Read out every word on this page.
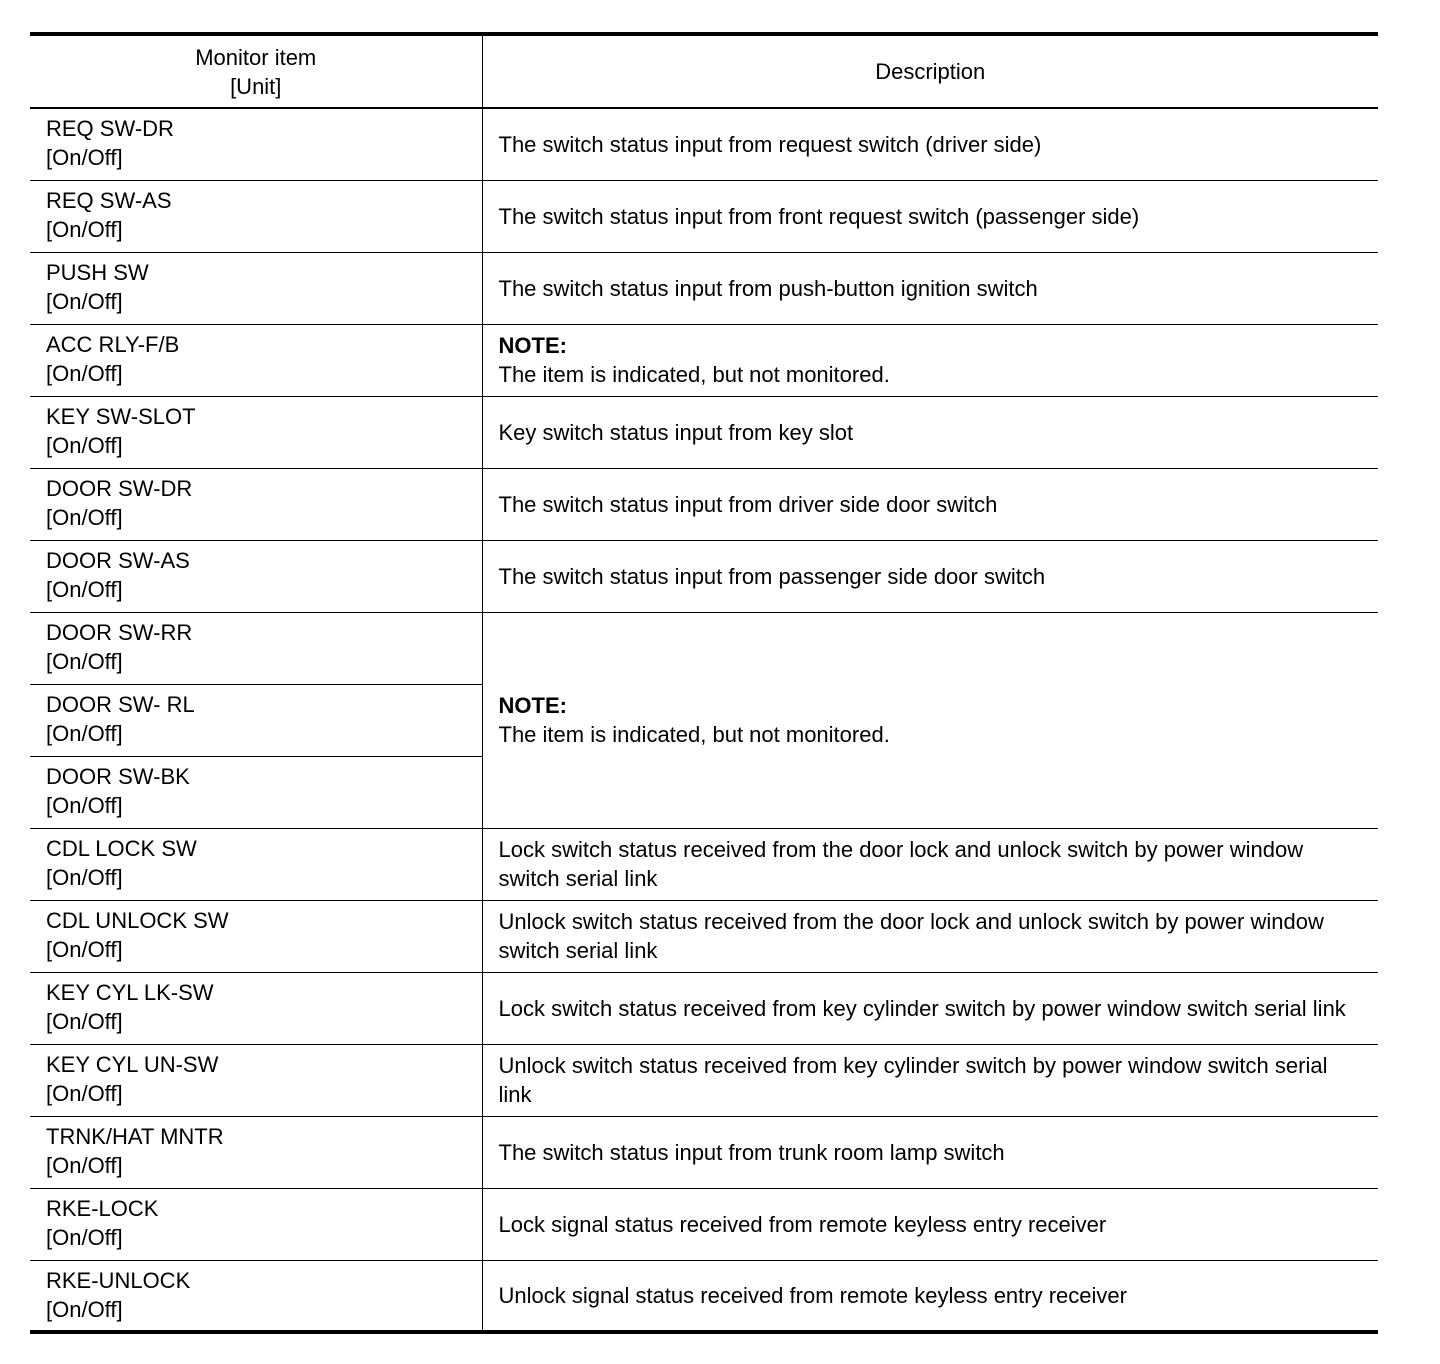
Monitor item
[Unit]	Description

REQ SW-DR
[On/Off]	The switch status input from request switch (driver side)

REQ SW-AS
[On/Off]	The switch status input from front request switch (passenger side)

PUSH SW
[On/Off]	The switch status input from push-button ignition switch

ACC RLY-F/B
[On/Off]	NOTE:
The item is indicated, but not monitored.

KEY SW-SLOT
[On/Off]	Key switch status input from key slot

DOOR SW-DR
[On/Off]	The switch status input from driver side door switch

DOOR SW-AS
[On/Off]	The switch status input from passenger side door switch

DOOR SW-RR
[On/Off]	NOTE:
The item is indicated, but not monitored.

DOOR SW- RL
[On/Off]	

DOOR SW-BK
[On/Off]	

CDL LOCK SW
[On/Off]	Lock switch status received from the door lock and unlock switch by power window switch serial link

CDL UNLOCK SW
[On/Off]	Unlock switch status received from the door lock and unlock switch by power window switch serial link

KEY CYL LK-SW
[On/Off]	Lock switch status received from key cylinder switch by power window switch serial link

KEY CYL UN-SW
[On/Off]	Unlock switch status received from key cylinder switch by power window switch serial link

TRNK/HAT MNTR
[On/Off]	The switch status input from trunk room lamp switch

RKE-LOCK
[On/Off]	Lock signal status received from remote keyless entry receiver

RKE-UNLOCK
[On/Off]	Unlock signal status received from remote keyless entry receiver
